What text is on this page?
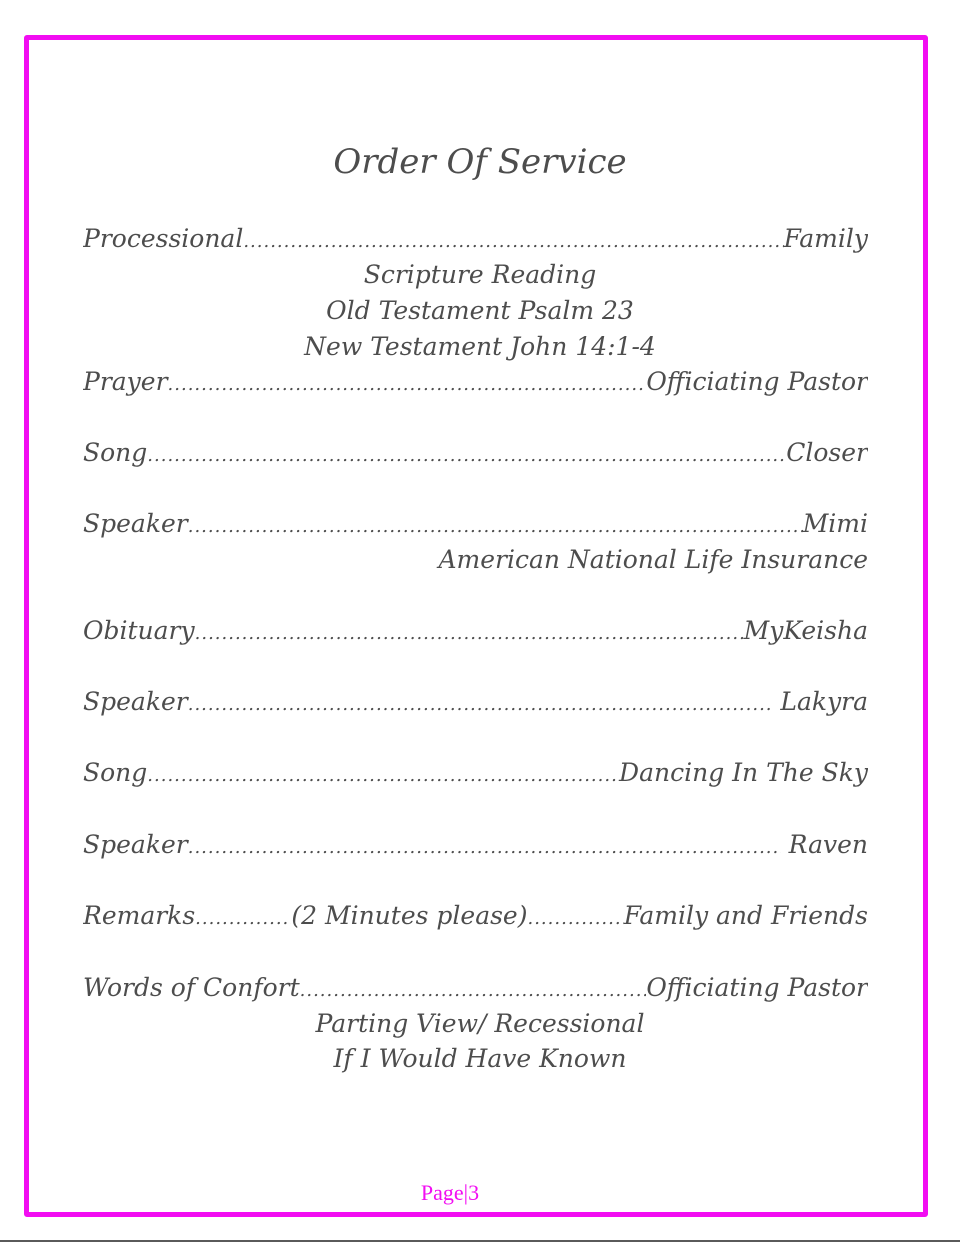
Order Of Service
Processional .....	Family
Scripture Reading
Old Testament Psalm 23
New Testament John 14:1-4
Prayer .....	Officiating Pastor
Song .....	Closer
Speaker .....	Mimi
American National Life Insurance
Obituary .....	MyKeisha
Speaker .....	Lakyra
Song .....	Dancing In The Sky
Speaker .....	Raven
Remarks .....	(2 Minutes please) .....	Family and Friends
Words of Confort .....	Officiating Pastor
Parting View/ Recessional
If I Would Have Known
Page|3
